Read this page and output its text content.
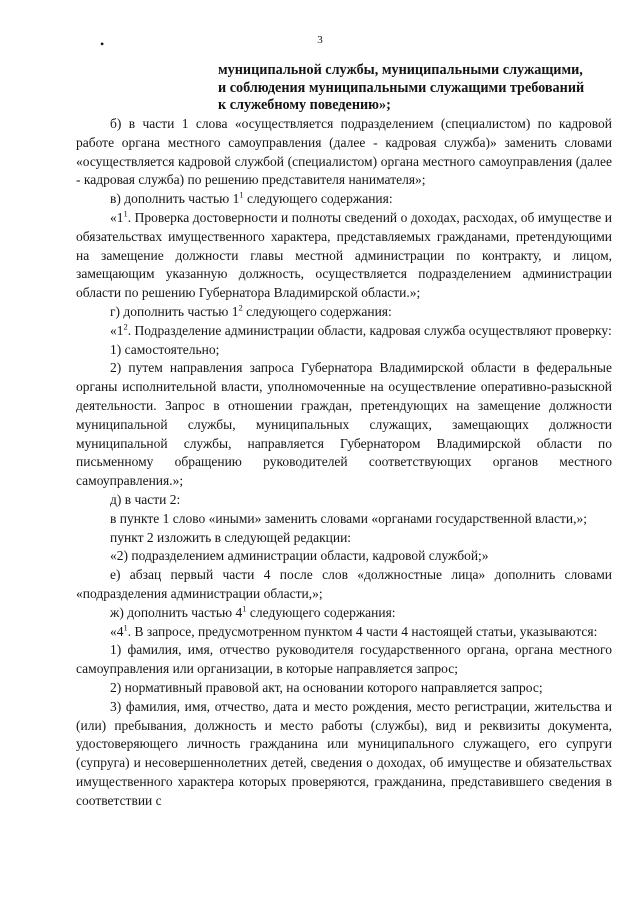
3
•
муниципальной службы, муниципальными служащими,
и соблюдения муниципальными служащими требований
к служебному поведению»;

б) в части 1 слова «осуществляется подразделением (специалистом) по кадровой работе органа местного самоуправления (далее - кадровая служба)» заменить словами «осуществляется кадровой службой (специалистом) органа местного самоуправления (далее - кадровая служба) по решению представителя нанимателя»;

в) дополнить частью $1^1$ следующего содержания:

«$1^1$. Проверка достоверности и полноты сведений о доходах, расходах, об имуществе и обязательствах имущественного характера, представляемых гражданами, претендующими на замещение должности главы местной администрации по контракту, и лицом, замещающим указанную должность, осуществляется подразделением администрации области по решению Губернатора Владимирской области.»;

г) дополнить частью $1^2$ следующего содержания:

«$1^2$. Подразделение администрации области, кадровая служба осуществляют проверку:

1) самостоятельно;

2) путем направления запроса Губернатора Владимирской области в федеральные органы исполнительной власти, уполномоченные на осуществление оперативно-разыскной деятельности. Запрос в отношении граждан, претендующих на замещение должности муниципальной службы, муниципальных служащих, замещающих должности муниципальной службы, направляется Губернатором Владимирской области по письменному обращению руководителей соответствующих органов местного самоуправления.»;

д) в части 2:

в пункте 1 слово «иными» заменить словами «органами государственной власти,»;

пункт 2 изложить в следующей редакции:

«2) подразделением администрации области, кадровой службой;»

е) абзац первый части 4 после слов «должностные лица» дополнить словами «подразделения администрации области,»;

ж) дополнить частью $4^1$ следующего содержания:

«$4^1$. В запросе, предусмотренном пунктом 4 части 4 настоящей статьи, указываются:

1) фамилия, имя, отчество руководителя государственного органа, органа местного самоуправления или организации, в которые направляется запрос;

2) нормативный правовой акт, на основании которого направляется запрос;

3) фамилия, имя, отчество, дата и место рождения, место регистрации, жительства и (или) пребывания, должность и место работы (службы), вид и реквизиты документа, удостоверяющего личность гражданина или муниципального служащего, его супруги (супруга) и несовершеннолетних детей, сведения о доходах, об имуществе и обязательствах имущественного характера которых проверяются, гражданина, представившего сведения в соответствии с
